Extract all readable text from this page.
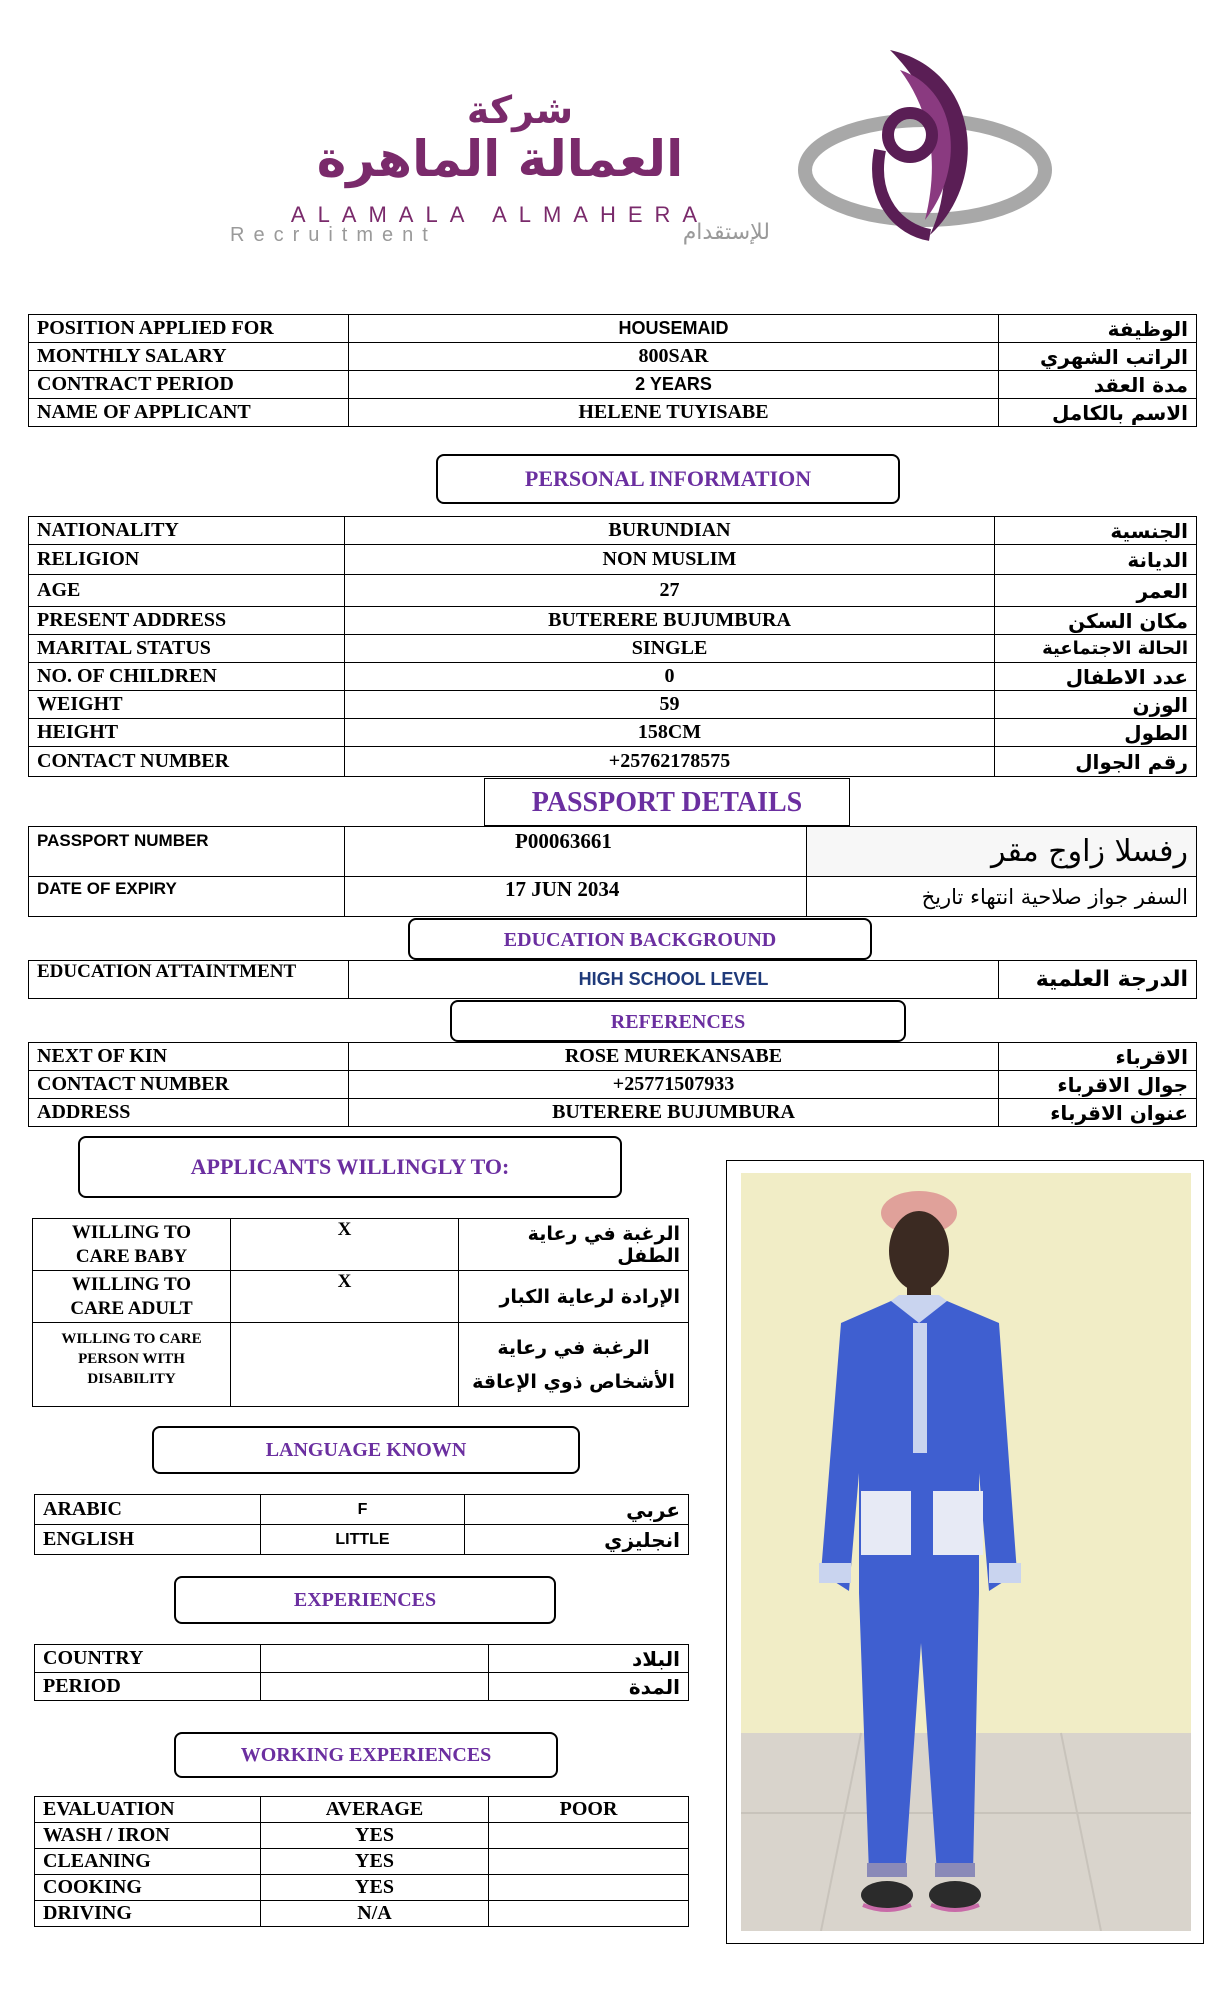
شركة
العمالة الماهرة
ALAMALA ALMAHERA
Recruitment	للإستقدام
POSITION APPLIED FOR	HOUSEMAID	الوظيفة
MONTHLY SALARY	800SAR	الراتب الشهري
CONTRACT PERIOD	2 YEARS	مدة العقد
NAME OF APPLICANT	HELENE TUYISABE	الاسم بالكامل
PERSONAL INFORMATION
NATIONALITY	BURUNDIAN	الجنسية
RELIGION	NON MUSLIM	الديانة
AGE	27	العمر
PRESENT ADDRESS	BUTERERE BUJUMBURA	مكان السكن
MARITAL STATUS	SINGLE	الحالة الاجتماعية
NO. OF CHILDREN	0	عدد الاطفال
WEIGHT	59	الوزن
HEIGHT	158CM	الطول
CONTACT NUMBER	+25762178575	رقم الجوال
PASSPORT DETAILS
PASSPORT NUMBER	P00063661	رفسلا زاوج مقر
DATE OF EXPIRY	17 JUN 2034	السفر جواز صلاحية انتهاء تاريخ
EDUCATION BACKGROUND
EDUCATION ATTAINTMENT	HIGH SCHOOL LEVEL	الدرجة العلمية
REFERENCES
NEXT OF KIN	ROSE MUREKANSABE	الاقرباء
CONTACT NUMBER	+25771507933	جوال الاقرباء
ADDRESS	BUTERERE BUJUMBURA	عنوان الاقرباء
APPLICANTS WILLINGLY TO:
WILLING TO CARE BABY	X	الرغبة في رعاية الطفل
WILLING TO CARE ADULT	X	الإرادة لرعاية الكبار
WILLING TO CARE PERSON WITH DISABILITY		الرغبة في رعاية الأشخاص ذوي الإعاقة
LANGUAGE KNOWN
ARABIC	F	عربي
ENGLISH	LITTLE	انجليزي
EXPERIENCES
COUNTRY		البلاد
PERIOD		المدة
WORKING EXPERIENCES
EVALUATION	AVERAGE	POOR
WASH / IRON	YES	
CLEANING	YES	
COOKING	YES	
DRIVING	N/A	
